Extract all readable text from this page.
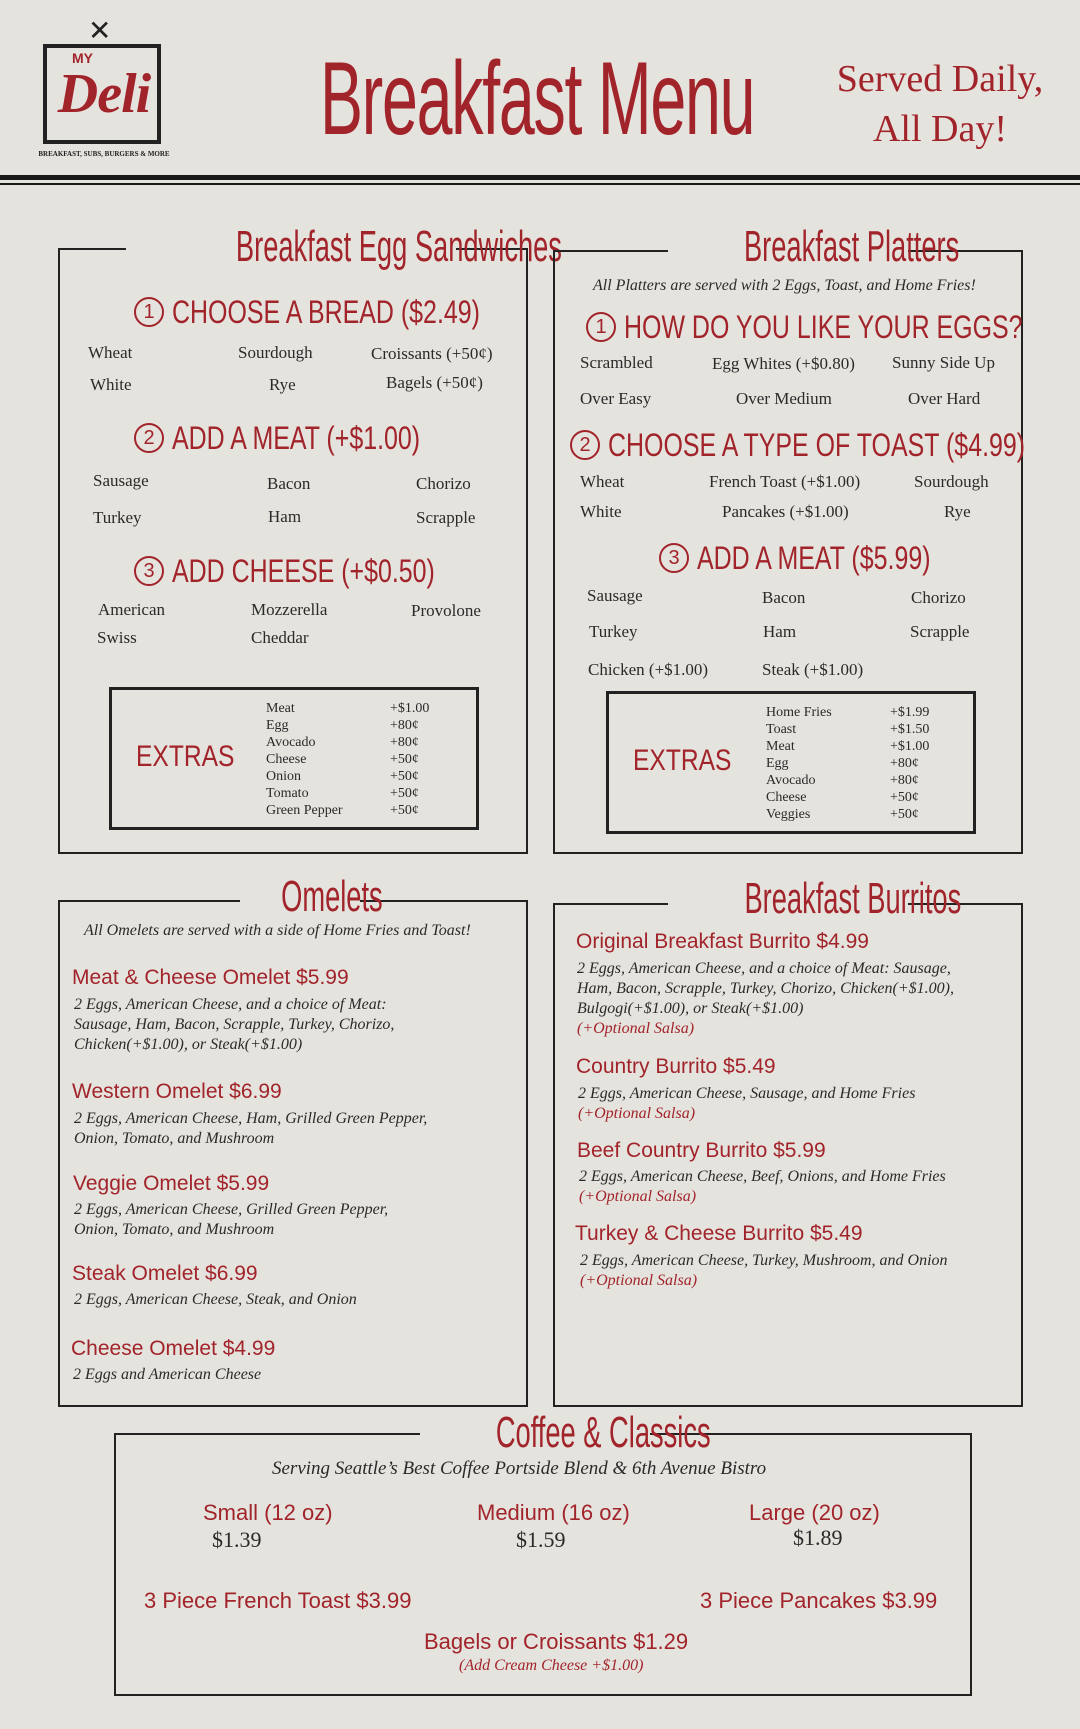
✕
MY
Deli
BREAKFAST, SUBS, BURGERS & MORE Breakfast Menu	Served Daily,
All Day!
Breakfast Egg Sandwiches
1 CHOOSE A BREAD ($2.49)
Wheat	Sourdough	Croissants (+50¢)
White	Rye	Bagels (+50¢)
2 ADD A MEAT (+$1.00)
Sausage	Bacon	Chorizo
Turkey	Ham	Scrapple
3 ADD CHEESE (+$0.50)
American	Mozzerella	Provolone
Swiss	Cheddar
EXTRAS
Meat	+$1.00
Egg	+80¢
Avocado	+80¢
Cheese	+50¢
Onion	+50¢
Tomato	+50¢
Green Pepper	+50¢
Breakfast Platters
All Platters are served with 2 Eggs, Toast, and Home Fries!
1 HOW DO YOU LIKE YOUR EGGS?
Scrambled	Egg Whites (+$0.80) Sunny Side Up
Over Easy	Over Medium	Over Hard
2 CHOOSE A TYPE OF TOAST ($4.99)
Wheat	French Toast (+$1.00)	Sourdough
White	Pancakes (+$1.00)	Rye
3 ADD A MEAT ($5.99)
Sausage	Bacon	Chorizo
Turkey	Ham	Scrapple
Chicken (+$1.00)	Steak (+$1.00)
EXTRAS
Home Fries	+$1.99
Toast	+$1.50
Meat	+$1.00
Egg	+80¢
Avocado	+80¢
Cheese	+50¢
Veggies	+50¢
Omelets
All Omelets are served with a side of Home Fries and Toast!
Meat & Cheese Omelet $5.99
2 Eggs, American Cheese, and a choice of Meat: Sausage, Ham, Bacon, Scrapple, Turkey, Chorizo, Chicken(+$1.00), or Steak(+$1.00)
Western Omelet $6.99
2 Eggs, American Cheese, Ham, Grilled Green Pepper, Onion, Tomato, and Mushroom
Veggie Omelet $5.99
2 Eggs, American Cheese, Grilled Green Pepper, Onion, Tomato, and Mushroom
Steak Omelet $6.99
2 Eggs, American Cheese, Steak, and Onion
Cheese Omelet $4.99
2 Eggs and American Cheese
Breakfast Burritos
Original Breakfast Burrito $4.99
2 Eggs, American Cheese, and a choice of Meat: Sausage, Ham, Bacon, Scrapple, Turkey, Chorizo, Chicken(+$1.00), Bulgogi(+$1.00), or Steak(+$1.00)
(+Optional Salsa)
Country Burrito $5.49
2 Eggs, American Cheese, Sausage, and Home Fries
(+Optional Salsa)
Beef Country Burrito $5.99
2 Eggs, American Cheese, Beef, Onions, and Home Fries
(+Optional Salsa)
Turkey & Cheese Burrito $5.49
2 Eggs, American Cheese, Turkey, Mushroom, and Onion
(+Optional Salsa)
Coffee & Classics
Serving Seattle’s Best Coffee Portside Blend & 6th Avenue Bistro
Small (12 oz)
$1.39
Medium (16 oz)
$1.59
Large (20 oz)
$1.89
3 Piece French Toast $3.99	3 Piece Pancakes $3.99
Bagels or Croissants $1.29
(Add Cream Cheese +$1.00)
